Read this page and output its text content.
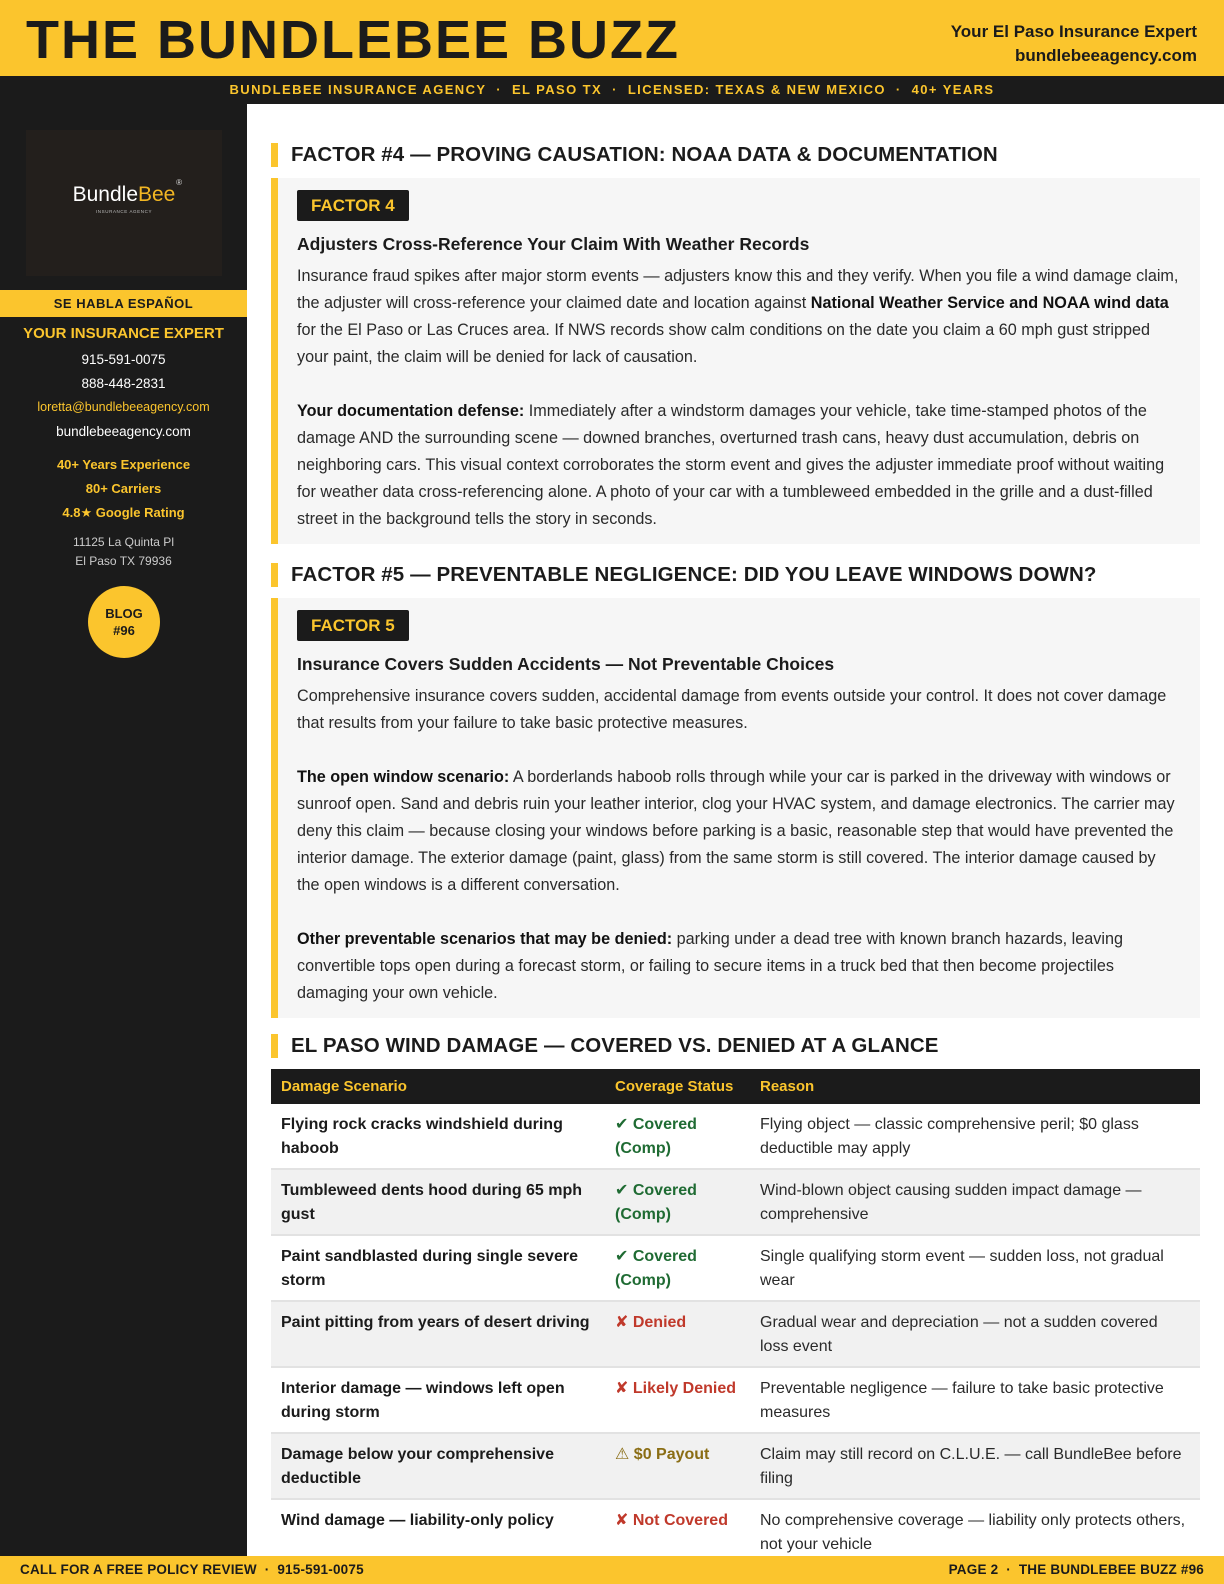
THE BUNDLEBEE BUZZ	Your El Paso Insurance Expert
bundlebeeagency.com
BUNDLEBEE INSURANCE AGENCY  ·  EL PASO TX  ·  LICENSED: TEXAS & NEW MEXICO  ·  40+ YEARS
BundleBee
INSURANCE AGENCY
®
SE HABLA ESPAÑOL
YOUR INSURANCE EXPERT
915-591-0075
888-448-2831
loretta@bundlebeeagency.com
bundlebeeagency.com
40+ Years Experience
80+ Carriers
4.8★ Google Rating
11125 La Quinta Pl
El Paso TX 79936
BLOG
#96
FACTOR #4 — PROVING CAUSATION: NOAA DATA & DOCUMENTATION
FACTOR 4
Adjusters Cross-Reference Your Claim With Weather Records

Insurance fraud spikes after major storm events — adjusters know this and they verify. When you file a wind damage claim, the adjuster will cross-reference your claimed date and location against National Weather Service and NOAA wind data for the El Paso or Las Cruces area. If NWS records show calm conditions on the date you claim a 60 mph gust stripped your paint, the claim will be denied for lack of causation.

Your documentation defense: Immediately after a windstorm damages your vehicle, take time-stamped photos of the damage AND the surrounding scene — downed branches, overturned trash cans, heavy dust accumulation, debris on neighboring cars. This visual context corroborates the storm event and gives the adjuster immediate proof without waiting for weather data cross-referencing alone. A photo of your car with a tumbleweed embedded in the grille and a dust-filled street in the background tells the story in seconds.

FACTOR #5 — PREVENTABLE NEGLIGENCE: DID YOU LEAVE WINDOWS DOWN?
FACTOR 5
Insurance Covers Sudden Accidents — Not Preventable Choices

Comprehensive insurance covers sudden, accidental damage from events outside your control. It does not cover damage that results from your failure to take basic protective measures.

The open window scenario: A borderlands haboob rolls through while your car is parked in the driveway with windows or sunroof open. Sand and debris ruin your leather interior, clog your HVAC system, and damage electronics. The carrier may deny this claim — because closing your windows before parking is a basic, reasonable step that would have prevented the interior damage. The exterior damage (paint, glass) from the same storm is still covered. The interior damage caused by the open windows is a different conversation.

Other preventable scenarios that may be denied: parking under a dead tree with known branch hazards, leaving convertible tops open during a forecast storm, or failing to secure items in a truck bed that then become projectiles damaging your own vehicle.

EL PASO WIND DAMAGE — COVERED VS. DENIED AT A GLANCE
Damage Scenario	Coverage Status	Reason
Flying rock cracks windshield during haboob	✔ Covered (Comp)	Flying object — classic comprehensive peril; $0 glass deductible may apply
Tumbleweed dents hood during 65 mph gust	✔ Covered (Comp)	Wind-blown object causing sudden impact damage — comprehensive
Paint sandblasted during single severe storm	✔ Covered (Comp)	Single qualifying storm event — sudden loss, not gradual wear
Paint pitting from years of desert driving	✘ Denied	Gradual wear and depreciation — not a sudden covered loss event
Interior damage — windows left open during storm	✘ Likely Denied	Preventable negligence — failure to take basic protective measures
Damage below your comprehensive deductible	⚠ $0 Payout	Claim may still record on C.L.U.E. — call BundleBee before filing
Wind damage — liability-only policy	✘ Not Covered	No comprehensive coverage — liability only protects others, not your vehicle
CALL FOR A FREE POLICY REVIEW  ·  915-591-0075	PAGE 2  ·  THE BUNDLEBEE BUZZ #96
